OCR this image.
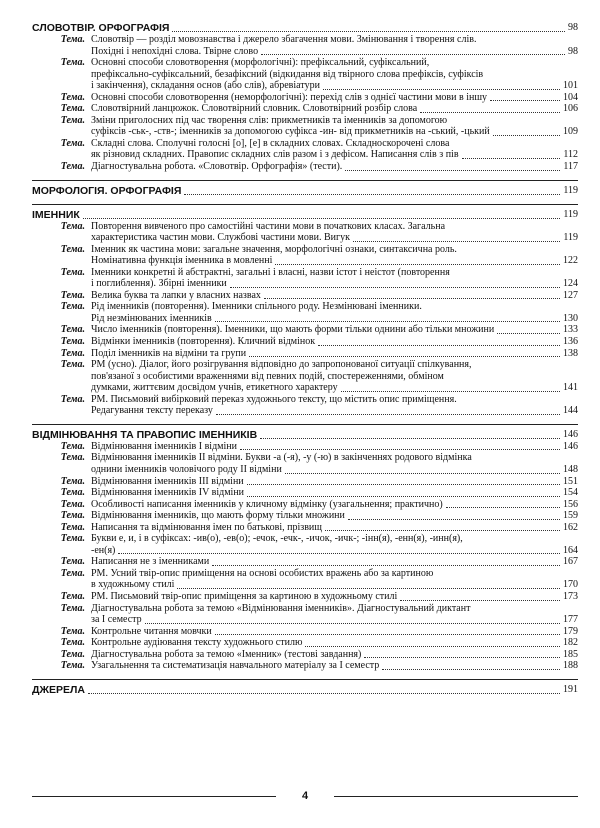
СЛОВОТВІР. ОРФОГРАФІЯ	98
Тема. Словотвір — розділ мовознавства і джерело збагачення мови. Змінювання і творення слів.
Похідні і непохідні слова. Твірне слово	98
Тема. Основні способи словотворення (морфологічні): префіксальний, суфіксальний,
префіксально-суфіксальний, безафіксний (відкидання від твірного слова префіксів, суфіксів
і закінчення), складання основ (або слів), абревіатури	101
Тема. Основні способи словотворення (неморфологічні): перехід слів з однієї частини мови в іншу	104
Тема. Словотвірний ланцюжок. Словотвірний словник. Словотвірний розбір слова	106
Тема. Зміни приголосних під час творення слів: прикметників та іменників за допомогою
суфіксів -ськ-, -ств-; іменників за допомогою суфікса -ин- від прикметників на -ський, -цький	109
Тема. Складні слова. Сполучні голосні [о], [е] в складних словах. Складноскорочені слова
як різновид складних. Правопис складних слів разом і з дефісом. Написання слів з пів	112
Тема. Діагностувальна робота. «Словотвір. Орфографія» (тести).	117
МОРФОЛОГІЯ. ОРФОГРАФІЯ	119
ІМЕННИК	119
Тема. Повторення вивченого про самостійні частини мови в початкових класах. Загальна
характеристика частин мови. Службові частини мови. Вигук	119
Тема. Іменник як частина мови: загальне значення, морфологічні ознаки, синтаксична роль.
Номінативна функція іменника в мовленні	122
Тема. Іменники конкретні й абстрактні, загальні і власні, назви істот і неістот (повторення
і поглиблення). Збірні іменники	124
Тема. Велика буква та лапки у власних назвах	127
Тема. Рід іменників (повторення). Іменники спільного роду. Незмінювані іменники.
Рід незмінюваних іменників	130
Тема. Число іменників (повторення). Іменники, що мають форми тільки однини або тільки множини	133
Тема. Відмінки іменників (повторення). Кличний відмінок	136
Тема. Поділ іменників на відміни та групи	138
Тема. РМ (усно). Діалог, його розігрування відповідно до запропонованої ситуації спілкування,
пов'язаної з особистими враженнями від певних подій, спостереженнями, обміном
думками, життєвим досвідом учнів, етикетного характеру	141
Тема. РМ. Письмовий вибірковий переказ художнього тексту, що містить опис приміщення.
Редагування тексту переказу	144
ВІДМІНЮВАННЯ ТА ПРАВОПИС ІМЕННИКІВ	146
Тема. Відмінювання іменників I відміни	146
Тема. Відмінювання іменників II відміни. Букви -а (-я), -у (-ю) в закінченнях родового відмінка
однини іменників чоловічого роду II відміни	148
Тема. Відмінювання іменників III відміни	151
Тема. Відмінювання іменників IV відміни	154
Тема. Особливості написання іменників у кличному відмінку (узагальнення; практично)	156
Тема. Відмінювання іменників, що мають форму тільки множини	159
Тема. Написання та відмінювання імен по батькові, прізвищ	162
Тема. Букви е, и, і в суфіксах: -ив(о), -ев(о); -ечок, -ечк-, -ичок, -ичк-; -інн(я), -енн(я), -инн(я),
-ен(я)	164
Тема. Написання не з іменниками	167
Тема. РМ. Усний твір-опис приміщення на основі особистих вражень або за картиною
в художньому стилі	170
Тема. РМ. Письмовий твір-опис приміщення за картиною в художньому стилі	173
Тема. Діагностувальна робота за темою «Відмінювання іменників». Діагностувальний диктант
за I семестр	177
Тема. Контрольне читання мовчки	179
Тема. Контрольне аудіювання тексту художнього стилю	182
Тема. Діагностувальна робота за темою «Іменник» (тестові завдання)	185
Тема. Узагальнення та систематизація навчального матеріалу за I семестр	188
ДЖЕРЕЛА	191
4
